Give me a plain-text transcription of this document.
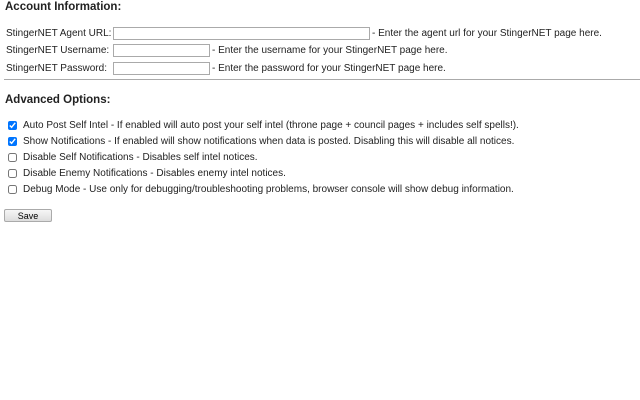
Account Information:
StingerNET Agent URL:	- Enter the agent url for your StingerNET page here.
StingerNET Username:	- Enter the username for your StingerNET page here.
StingerNET Password:	- Enter the password for your StingerNET page here.
Advanced Options:
Auto Post Self Intel - If enabled will auto post your self intel (throne page + council pages + includes self spells!).
Show Notifications - If enabled will show notifications when data is posted. Disabling this will disable all notices.
Disable Self Notifications - Disables self intel notices.
Disable Enemy Notifications - Disables enemy intel notices.
Debug Mode - Use only for debugging/troubleshooting problems, browser console will show debug information.
Save
